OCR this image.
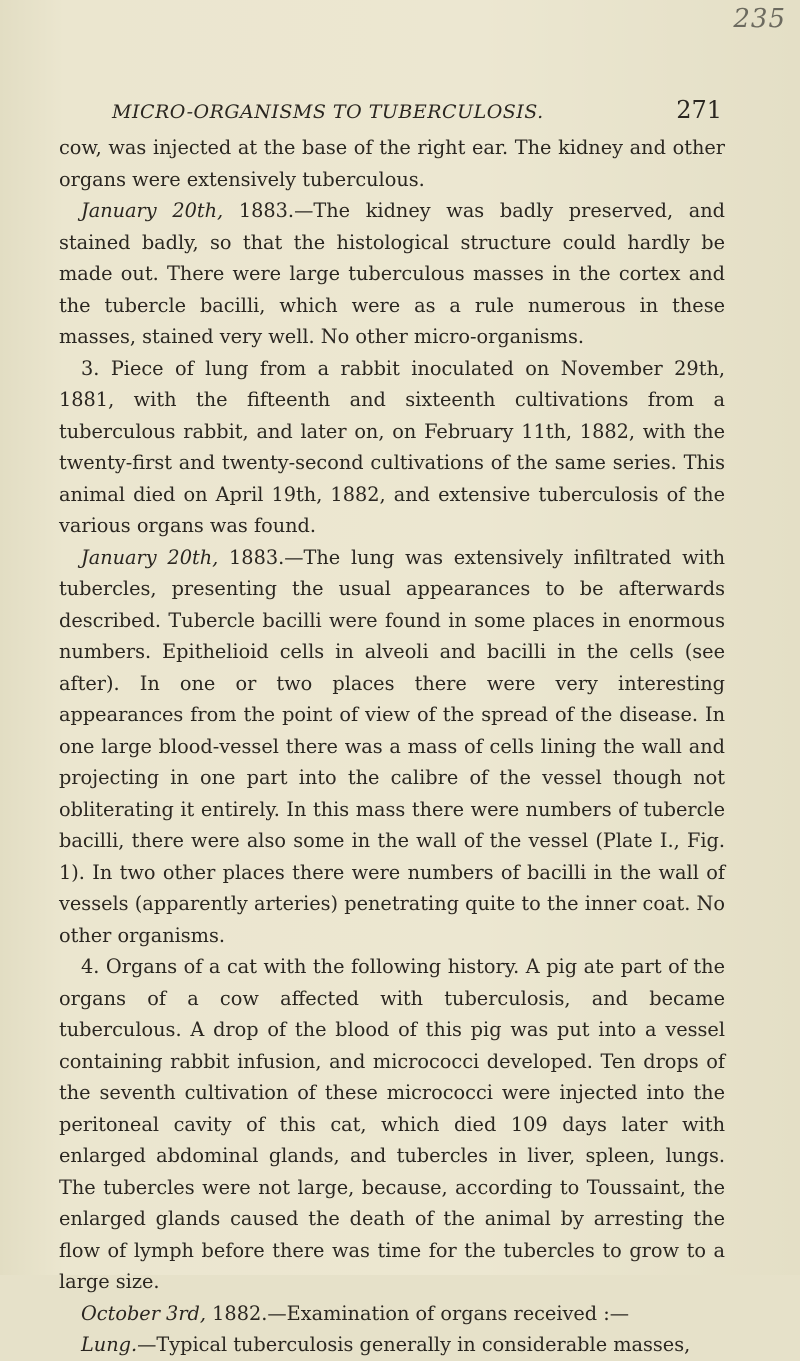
235
MICRO-ORGANISMS TO TUBERCULOSIS.	271

cow, was injected at the base of the right ear. The kidney and other organs were extensively tuberculous.

January 20th, 1883.—The kidney was badly preserved, and stained badly, so that the histological structure could hardly be made out. There were large tuberculous masses in the cortex and the tubercle bacilli, which were as a rule numerous in these masses, stained very well. No other micro-organisms.

3. Piece of lung from a rabbit inoculated on November 29th, 1881, with the fifteenth and sixteenth cultivations from a tuberculous rabbit, and later on, on February 11th, 1882, with the twenty-first and twenty-second cultivations of the same series. This animal died on April 19th, 1882, and extensive tuberculosis of the various organs was found.

January 20th, 1883.—The lung was extensively infiltrated with tubercles, presenting the usual appearances to be afterwards described. Tubercle bacilli were found in some places in enormous numbers. Epithelioid cells in alveoli and bacilli in the cells (see after). In one or two places there were very interesting appearances from the point of view of the spread of the disease. In one large blood-vessel there was a mass of cells lining the wall and projecting in one part into the calibre of the vessel though not obliterating it entirely. In this mass there were numbers of tubercle bacilli, there were also some in the wall of the vessel (Plate I., Fig. 1). In two other places there were numbers of bacilli in the wall of vessels (apparently arteries) penetrating quite to the inner coat. No other organisms.

4. Organs of a cat with the following history. A pig ate part of the organs of a cow affected with tuberculosis, and became tuberculous. A drop of the blood of this pig was put into a vessel containing rabbit infusion, and micrococci developed. Ten drops of the seventh cultivation of these micrococci were injected into the peritoneal cavity of this cat, which died 109 days later with enlarged abdominal glands, and tubercles in liver, spleen, lungs. The tubercles were not large, because, according to Toussaint, the enlarged glands caused the death of the animal by arresting the flow of lymph before there was time for the tubercles to grow to a large size.

October 3rd, 1882.—Examination of organs received :—

Lung.—Typical tuberculosis generally in considerable masses,
